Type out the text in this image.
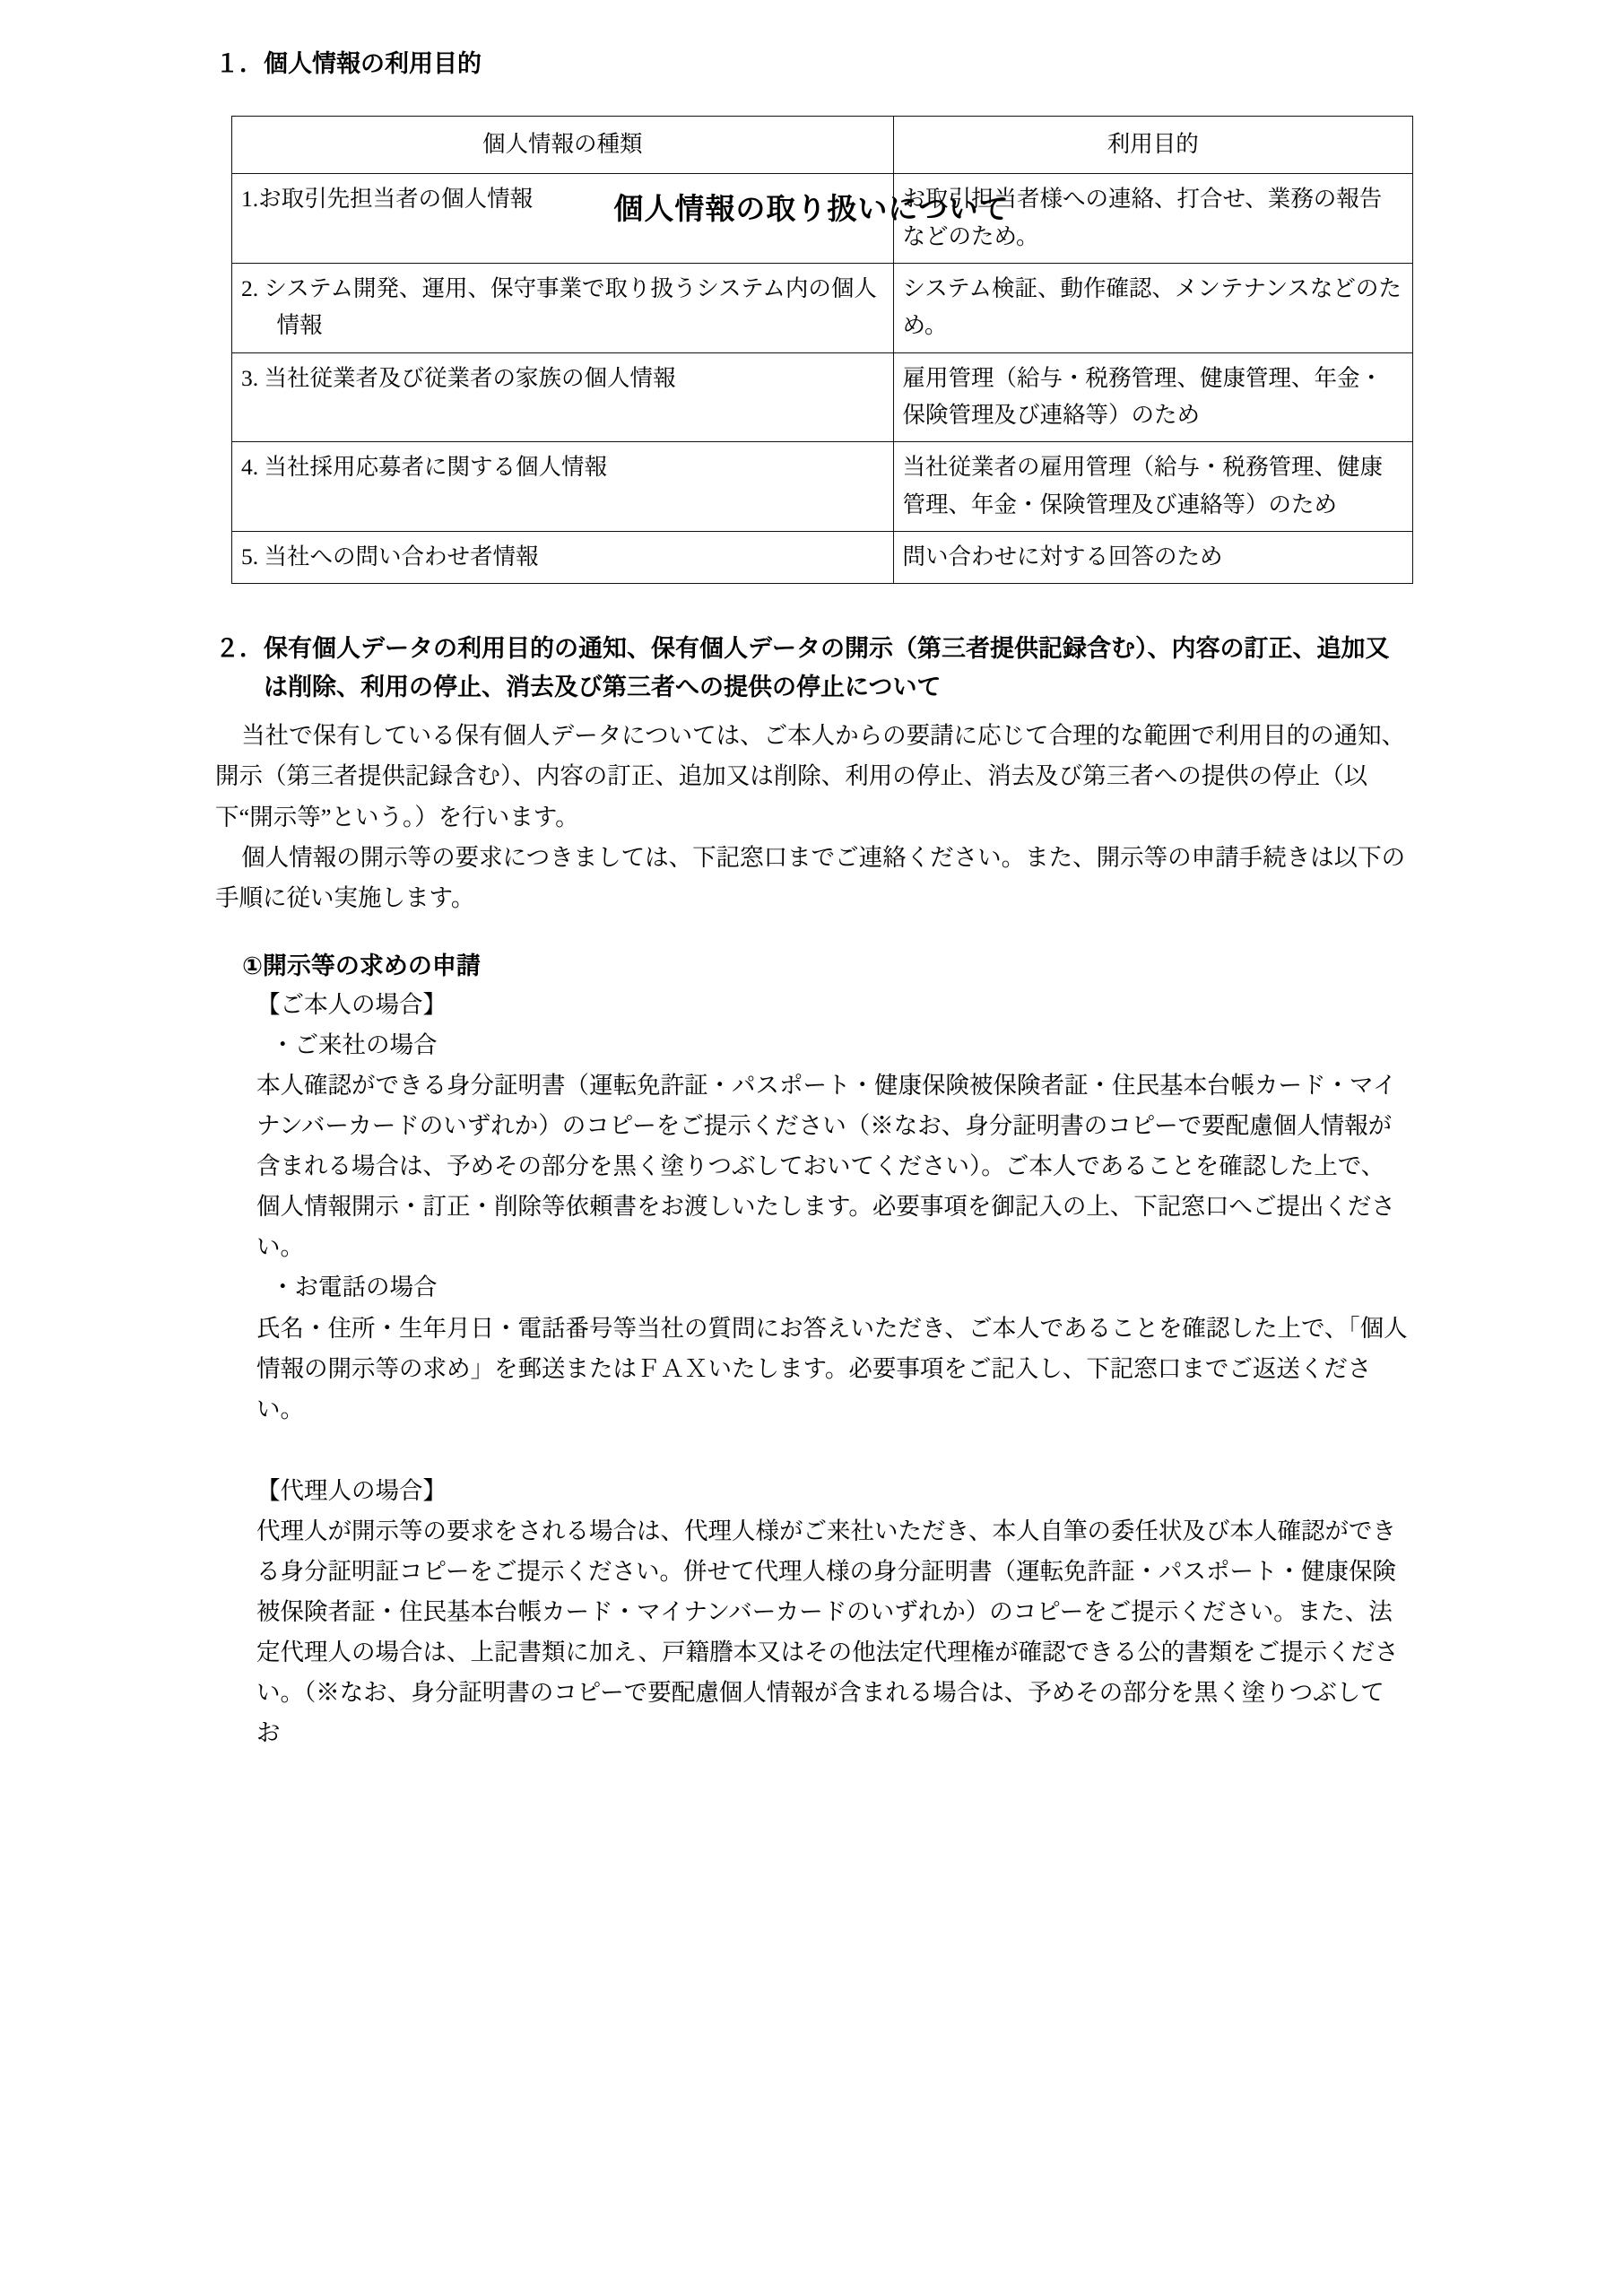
個人情報の取り扱いについて
１．個人情報の利用目的
個人情報の種類	利用目的

1.お取引先担当者の個人情報	お取引担当者様への連絡、打合せ、業務の報告などのため。

2. システム開発、運用、保守事業で取り扱うシステム内の個人情報	システム検証、動作確認、メンテナンスなどのため。

3. 当社従業者及び従業者の家族の個人情報	雇用管理（給与・税務管理、健康管理、年金・保険管理及び連絡等）のため

4. 当社採用応募者に関する個人情報	当社従業者の雇用管理（給与・税務管理、健康管理、年金・保険管理及び連絡等）のため

5. 当社への問い合わせ者情報	問い合わせに対する回答のため
２． 保有個人データの利用目的の通知、保有個人データの開示（第三者提供記録含む）、内容の訂正、追加又は削除、利用の停止、消去及び第三者への提供の停止について

当社で保有している保有個人データについては、ご本人からの要請に応じて合理的な範囲で利用目的の通知、開示（第三者提供記録含む）、内容の訂正、追加又は削除、利用の停止、消去及び第三者への提供の停止（以下“開示等”という。）を行います。

個人情報の開示等の要求につきましては、下記窓口までご連絡ください。また、開示等の申請手続きは以下の手順に従い実施します。

①開示等の求めの申請

【ご本人の場合】

・ご来社の場合

本人確認ができる身分証明書（運転免許証・パスポート・健康保険被保険者証・住民基本台帳カード・マイナンバーカードのいずれか）のコピーをご提示ください（※なお、身分証明書のコピーで要配慮個人情報が含まれる場合は、予めその部分を黒く塗りつぶしておいてください）。ご本人であることを確認した上で、個人情報開示・訂正・削除等依頼書をお渡しいたします。必要事項を御記入の上、下記窓口へご提出ください。

・お電話の場合

氏名・住所・生年月日・電話番号等当社の質問にお答えいただき、ご本人であることを確認した上で、「個人情報の開示等の求め」を郵送またはＦＡＸいたします。必要事項をご記入し、下記窓口までご返送ください。

【代理人の場合】

代理人が開示等の要求をされる場合は、代理人様がご来社いただき、本人自筆の委任状及び本人確認ができる身分証明証コピーをご提示ください。併せて代理人様の身分証明書（運転免許証・パスポート・健康保険被保険者証・住民基本台帳カード・マイナンバーカードのいずれか）のコピーをご提示ください。また、法定代理人の場合は、上記書類に加え、戸籍謄本又はその他法定代理権が確認できる公的書類をご提示ください。（※なお、身分証明書のコピーで要配慮個人情報が含まれる場合は、予めその部分を黒く塗りつぶしてお
